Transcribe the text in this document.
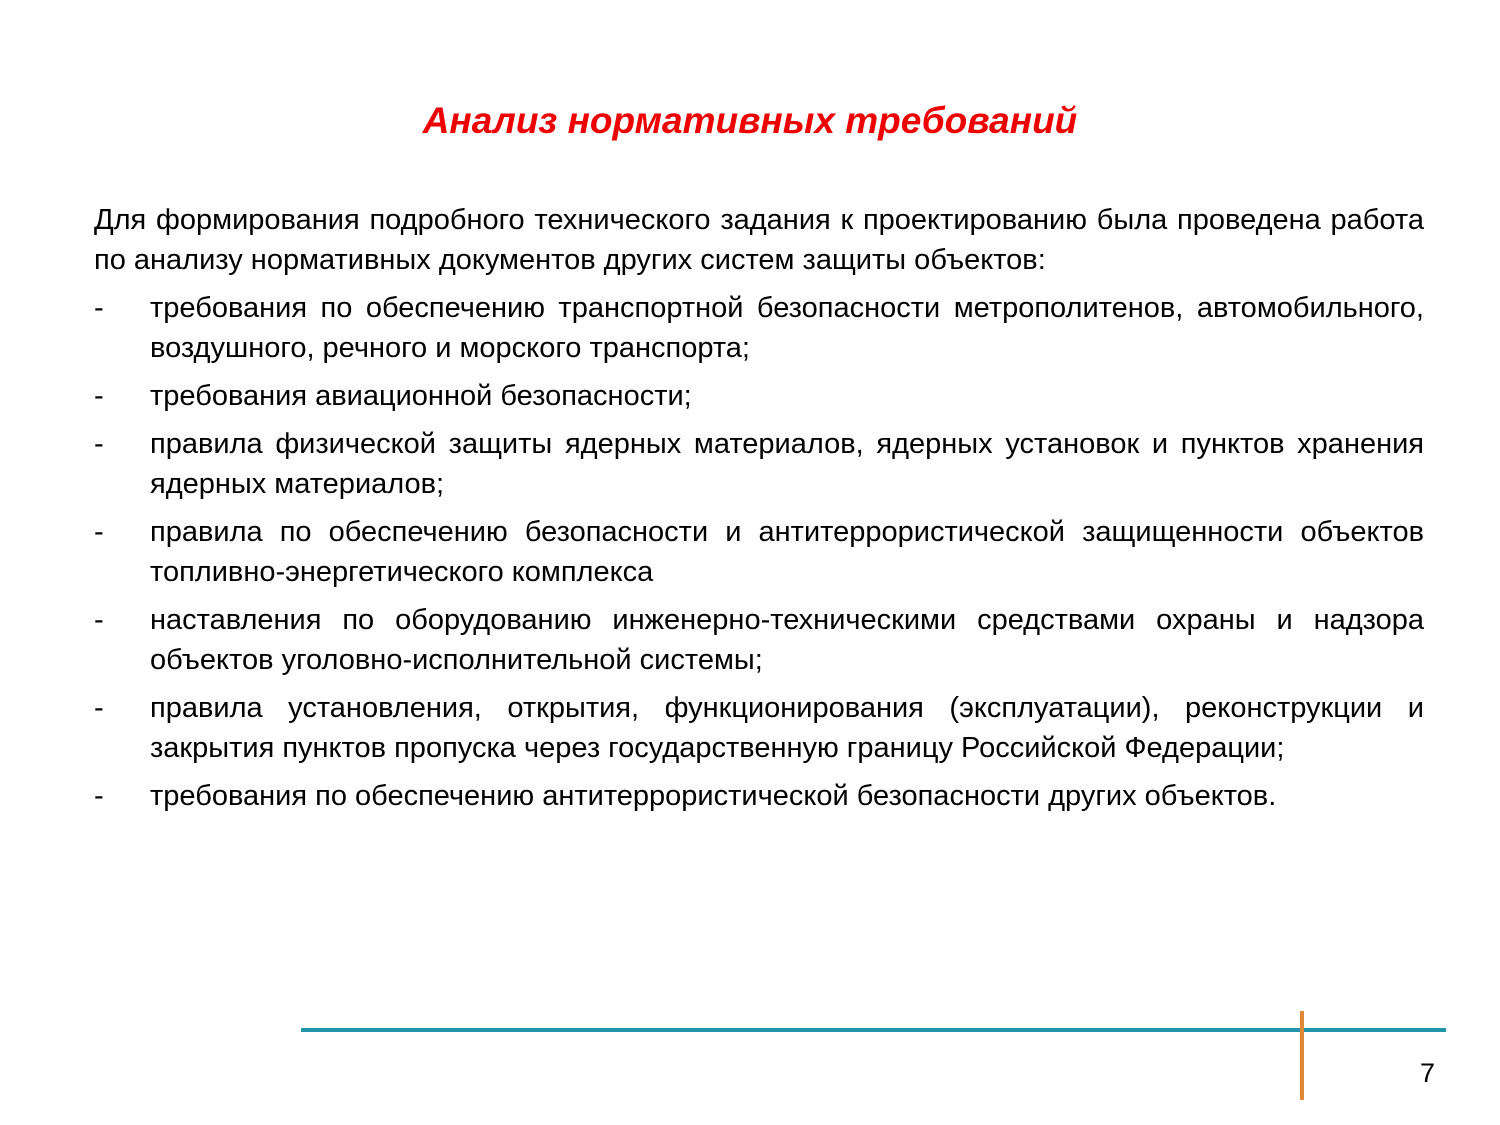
Анализ нормативных требований

Для формирования подробного технического задания к проектированию была проведена работа по анализу нормативных документов других систем защиты объектов:

- требования по обеспечению транспортной безопасности метрополитенов, автомобильного, воздушного, речного и морского транспорта;
- требования авиационной безопасности;
- правила физической защиты ядерных материалов, ядерных установок и пунктов хранения ядерных материалов;
- правила по обеспечению безопасности и антитеррористической защищенности объектов топливно-энергетического комплекса
- наставления по оборудованию инженерно-техническими средствами охраны и надзора объектов уголовно-исполнительной системы;
- правила установления, открытия, функционирования (эксплуатации), реконструкции и закрытия пунктов пропуска через государственную границу Российской Федерации;
- требования по обеспечению антитеррористической безопасности других объектов.
7
